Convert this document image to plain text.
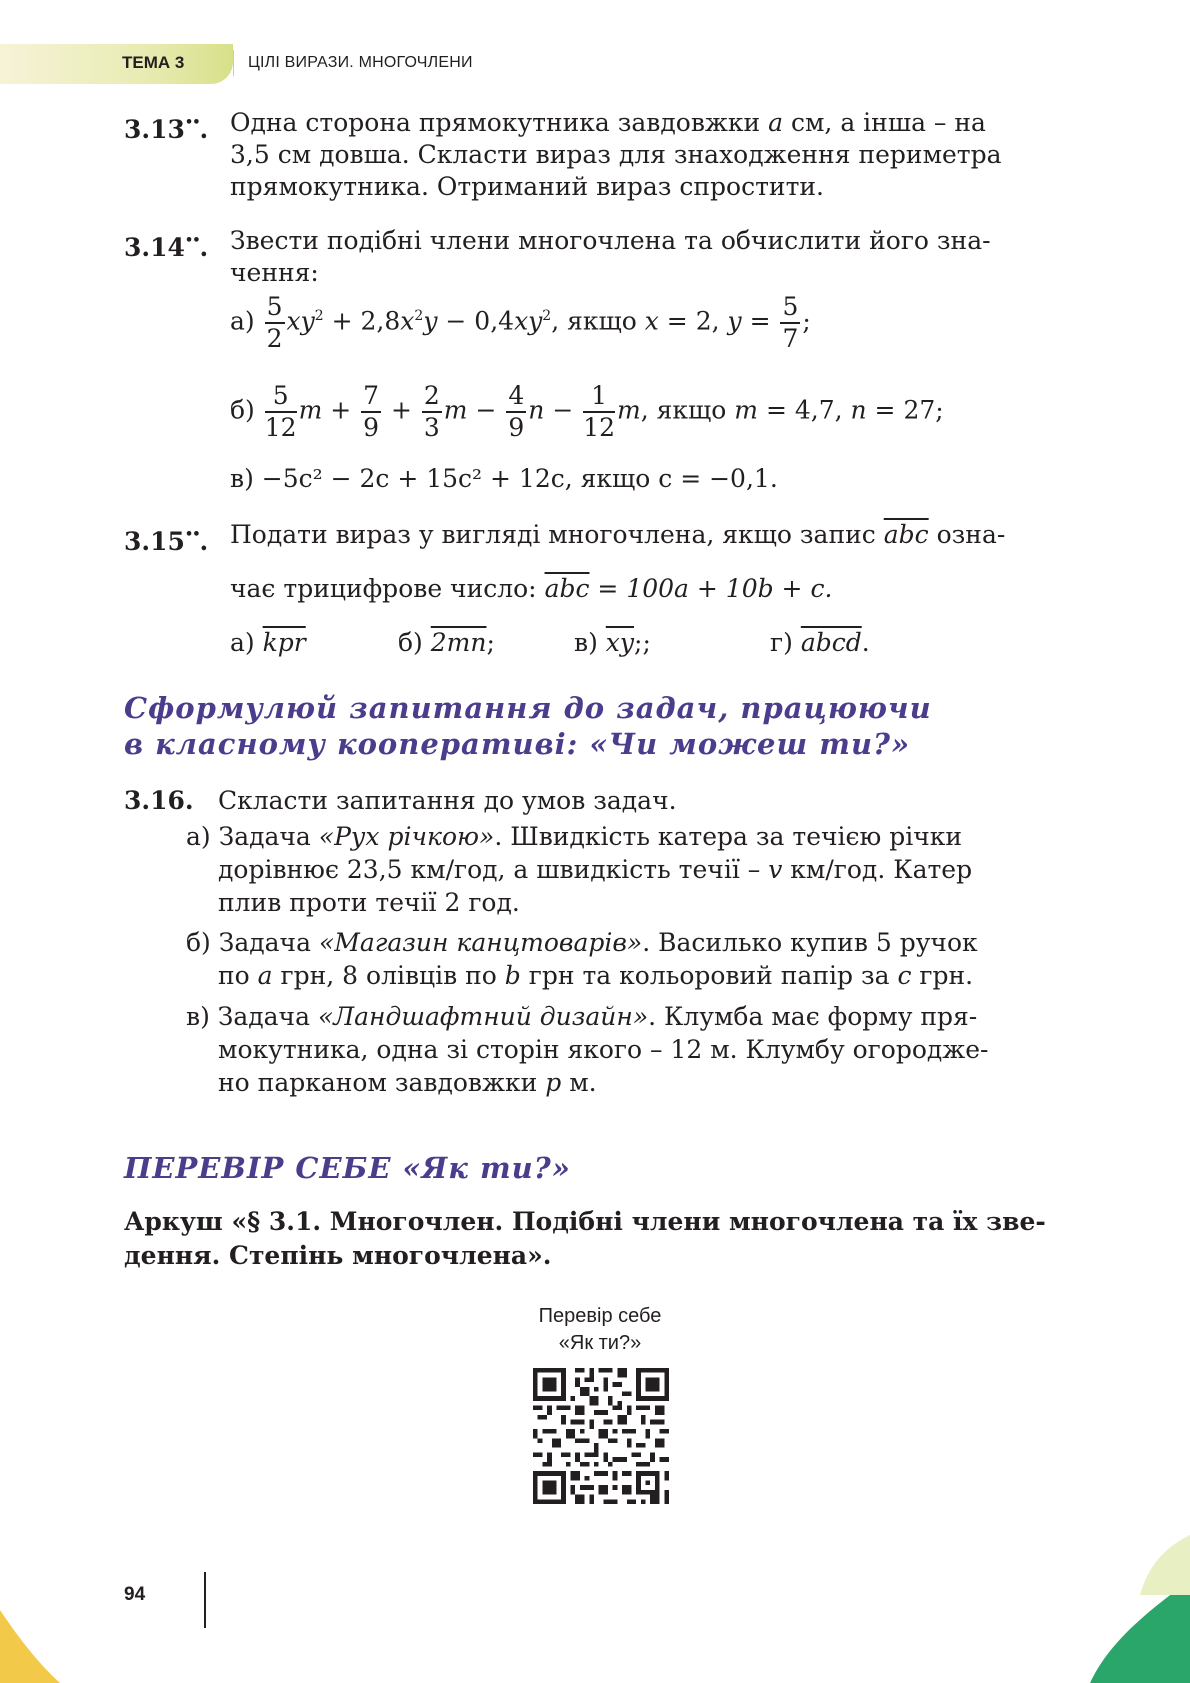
ТЕМА 3	ЦІЛІ ВИРАЗИ. МНОГОЧЛЕНИ
3.13••. Одна сторона прямокутника завдовжки a см, а інша – на
3,5 см довша. Скласти вираз для знаходження периметра
прямокутника. Отриманий вираз спростити.
3.14••. Звести подібні члени многочлена та обчислити його зна-
чення:
$а) \frac{5}{2} xy^2 + 2,8x^2y - 0,4xy^2$, якщо x = 2, $y = \frac{5}{7}$ ;
$б) \frac{5}{12}$ $m + \frac{7}{9} + \frac{2}{3}$ $m - \frac{4}{9}$ $n - \frac{1}{12} m$, якщо m = 4,7, n = 27;
в) −5c² − 2c + 15c² + 12c, якщо с = −0,1.
3.15••. Подати вираз у вигляді многочлена, якщо запис $\overline{abc}$ озна-
чає трицифрове число: $\overline{abc} = 100a + 10b + c$.
а) $\overline{kpr}$	б) 2mn;	в) $\overline{xy}$;;	г) abcd.
Сформулюй запитання до задач, працюючи
в класному кооперативі: «Чи можеш ти?»
3.16. Скласти запитання до умов задач.
а) Задача «Рух річкою». Швидкість катера за течією річки
дорівнює 23,5 км/год, а швидкість течії – v км/год. Катер
плив проти течії 2 год.
б) Задача «Магазин канцтоварів». Василько купив 5 ручок
по a грн, 8 олівців по b грн та кольоровий папір за c грн.
в) Задача «Ландшафтний дизайн». Клумба має форму пря-
мокутника, одна зі сторін якого – 12 м. Клумбу огородже-
но парканом завдовжки p м.
ПЕРЕВІР СЕБЕ «Як ти?»
Аркуш «§ 3.1. Многочлен. Подібні члени многочлена та їх зве-
дення. Степінь многочлена».
Перевір себе
«Як ти?»
94
